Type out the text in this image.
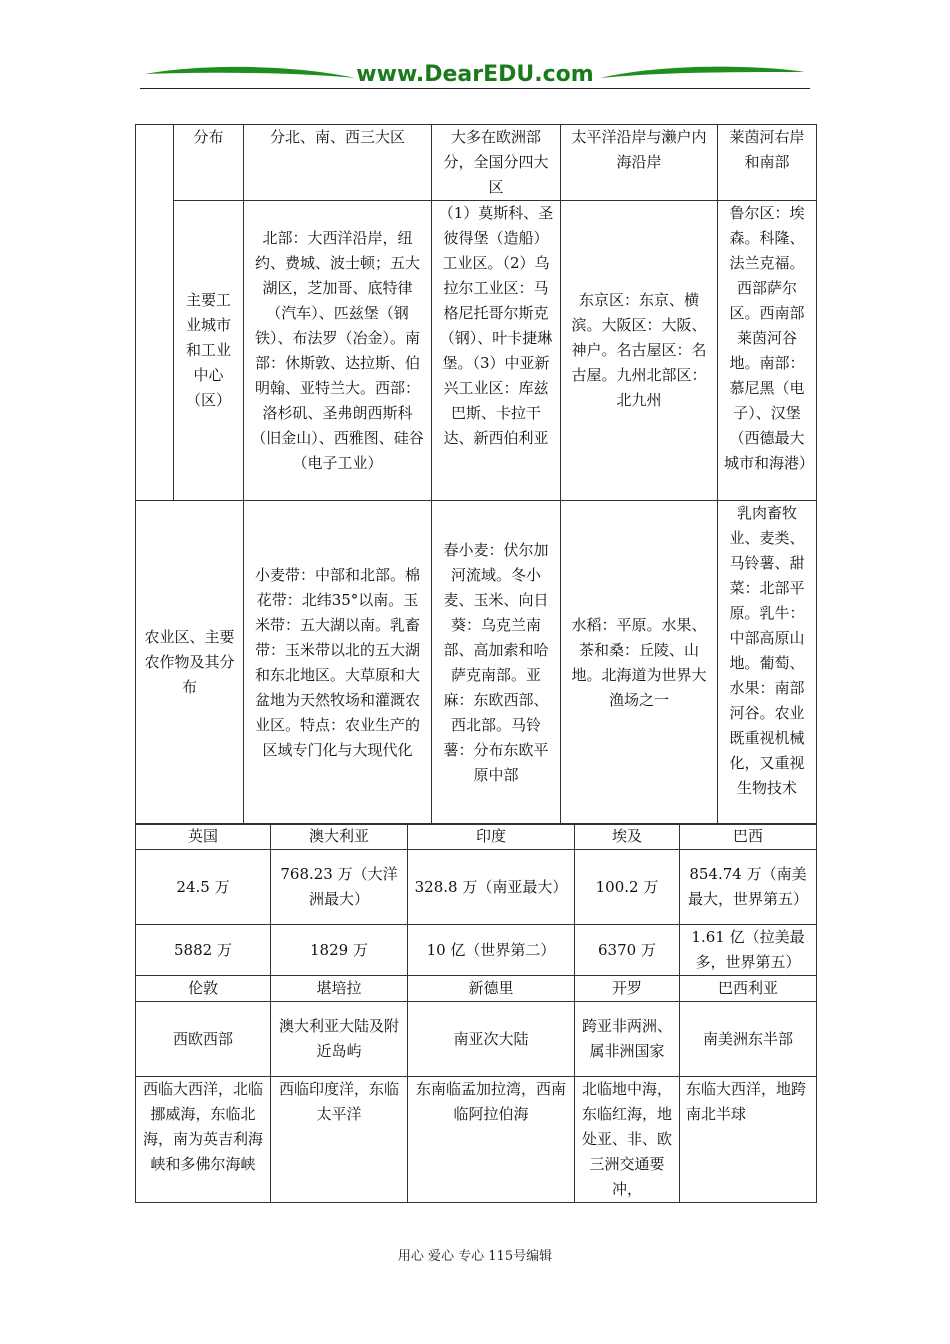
www.DearEDU.com
	分布	分北、南、西三大区	大多在欧洲部分，全国分四大区	太平洋沿岸与濑户内海沿岸	莱茵河右岸和南部
	主要工业城市和工业中心（区）	北部：大西洋沿岸，纽约、费城、波士顿；五大湖区，芝加哥、底特律（汽车）、匹兹堡（钢铁）、布法罗（冶金）。南部：休斯敦、达拉斯、伯明翰、亚特兰大。西部：洛杉矶、圣弗朗西斯科（旧金山）、西雅图、硅谷（电子工业）	（1）莫斯科、圣彼得堡（造船）工业区。（2）乌拉尔工业区：马格尼托哥尔斯克（钢）、叶卡捷琳堡。（3）中亚新兴工业区：库兹巴斯、卡拉干达、新西伯利亚	东京区：东京、横滨。大阪区：大阪、神户。名古屋区：名古屋。九州北部区：北九州	鲁尔区：埃森。科隆、法兰克福。西部萨尔区。西南部莱茵河谷地。南部：慕尼黑（电子）、汉堡（西德最大城市和海港）
农业区、主要农作物及其分布		小麦带：中部和北部。棉花带：北纬35°以南。玉米带：五大湖以南。乳畜带：玉米带以北的五大湖和东北地区。大草原和大盆地为天然牧场和灌溉农业区。特点：农业生产的区域专门化与大现代化	春小麦：伏尔加河流域。冬小麦、玉米、向日葵：乌克兰南部、高加索和哈萨克南部。亚麻：东欧西部、西北部。马铃薯：分布东欧平原中部	水稻：平原。水果、茶和桑：丘陵、山地。北海道为世界大渔场之一	乳肉畜牧业、麦类、马铃薯、甜菜：北部平原。乳牛：中部高原山地。葡萄、水果：南部河谷。农业既重视机械化，又重视生物技术
英国	澳大利亚	印度	埃及	巴西
24.5 万	768.23 万（大洋洲最大）	328.8 万（南亚最大）	100.2 万	854.74 万（南美最大，世界第五）
5882 万	1829 万	10 亿（世界第二）	6370 万	1.61 亿（拉美最多，世界第五）
伦敦	堪培拉	新德里	开罗	巴西利亚
西欧西部	澳大利亚大陆及附近岛屿	南亚次大陆	跨亚非两洲、属非洲国家	南美洲东半部
西临大西洋，北临挪威海，东临北海，南为英吉利海峡和多佛尔海峡	西临印度洋，东临太平洋	东南临孟加拉湾，西南临阿拉伯海	北临地中海，东临红海，地处亚、非、欧三洲交通要冲，	东临大西洋，地跨南北半球
用心 爱心 专心 115号编辑
